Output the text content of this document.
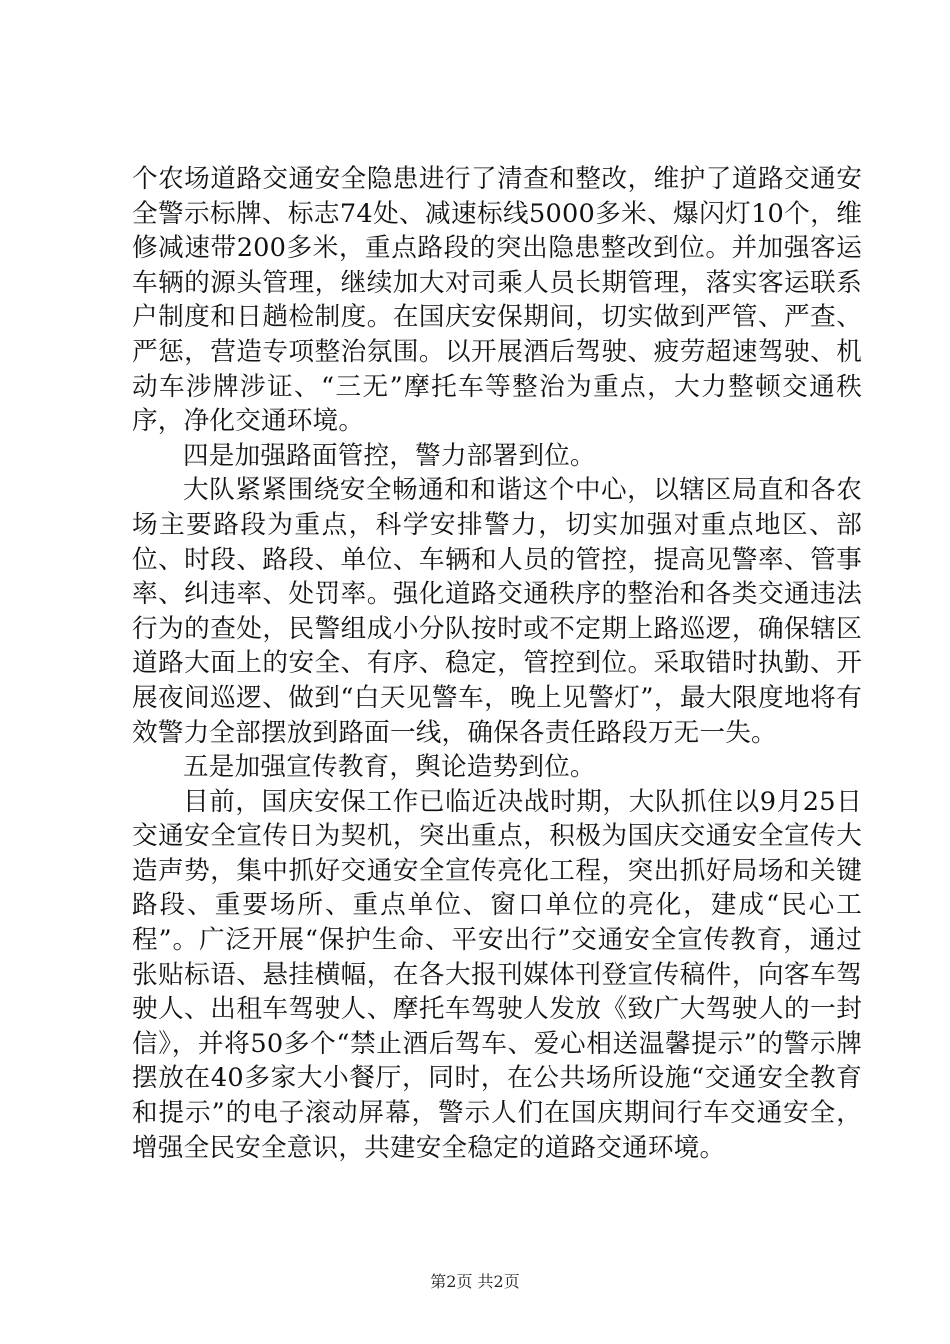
个农场道路交通安全隐患进行了清查和整改，维护了道路交通安全警示标牌、标志74处、减速标线5000多米、爆闪灯10个，维修减速带200多米，重点路段的突出隐患整改到位。并加强客运车辆的源头管理，继续加大对司乘人员长期管理，落实客运联系户制度和日趟检制度。在国庆安保期间，切实做到严管、严查、严惩，营造专项整治氛围。以开展酒后驾驶、疲劳超速驾驶、机动车涉牌涉证、“三无”摩托车等整治为重点，大力整顿交通秩序，净化交通环境。

四是加强路面管控，警力部署到位。

大队紧紧围绕安全畅通和和谐这个中心，以辖区局直和各农场主要路段为重点，科学安排警力，切实加强对重点地区、部位、时段、路段、单位、车辆和人员的管控，提高见警率、管事率、纠违率、处罚率。强化道路交通秩序的整治和各类交通违法行为的查处，民警组成小分队按时或不定期上路巡逻，确保辖区道路大面上的安全、有序、稳定，管控到位。采取错时执勤、开展夜间巡逻、做到“白天见警车，晚上见警灯”，最大限度地将有效警力全部摆放到路面一线，确保各责任路段万无一失。

五是加强宣传教育，舆论造势到位。

目前，国庆安保工作已临近决战时期，大队抓住以9月25日交通安全宣传日为契机，突出重点，积极为国庆交通安全宣传大造声势，集中抓好交通安全宣传亮化工程，突出抓好局场和关键路段、重要场所、重点单位、窗口单位的亮化，建成“民心工程”。广泛开展“保护生命、平安出行”交通安全宣传教育，通过张贴标语、悬挂横幅，在各大报刊媒体刊登宣传稿件，向客车驾驶人、出租车驾驶人、摩托车驾驶人发放《致广大驾驶人的一封信》，并将50多个“禁止酒后驾车、爱心相送温馨提示”的警示牌摆放在40多家大小餐厅，同时，在公共场所设施“交通安全教育和提示”的电子滚动屏幕，警示人们在国庆期间行车交通安全，增强全民安全意识，共建安全稳定的道路交通环境。

第2页 共2页
